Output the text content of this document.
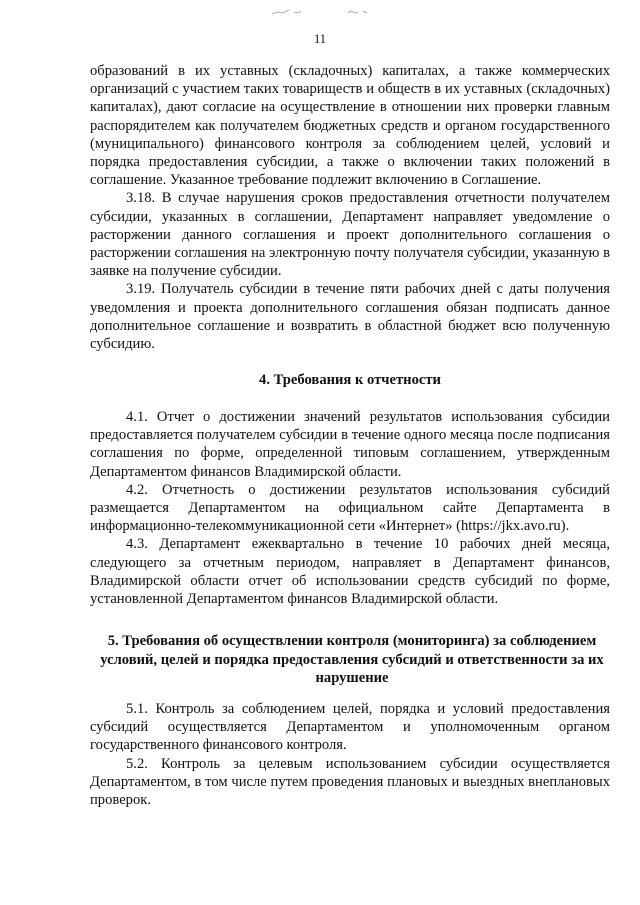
11

образований в их уставных (складочных) капиталах, а также коммерческих организаций с участием таких товариществ и обществ в их уставных (складочных) капиталах), дают согласие на осуществление в отношении них проверки главным распорядителем как получателем бюджетных средств и органом государственного (муниципального) финансового контроля за соблюдением целей, условий и порядка предоставления субсидии, а также о включении таких положений в соглашение. Указанное требование подлежит включению в Соглашение.

3.18. В случае нарушения сроков предоставления отчетности получателем субсидии, указанных в соглашении, Департамент направляет уведомление о расторжении данного соглашения и проект дополнительного соглашения о расторжении соглашения на электронную почту получателя субсидии, указанную в заявке на получение субсидии.

3.19. Получатель субсидии в течение пяти рабочих дней с даты получения уведомления и проекта дополнительного соглашения обязан подписать данное дополнительное соглашение и возвратить в областной бюджет всю полученную субсидию.

4. Требования к отчетности

4.1. Отчет о достижении значений результатов использования субсидии предоставляется получателем субсидии в течение одного месяца после подписания соглашения по форме, определенной типовым соглашением, утвержденным Департаментом финансов Владимирской области.

4.2. Отчетность о достижении результатов использования субсидий размещается Департаментом на официальном сайте Департамента в информационно-телекоммуникационной сети «Интернет» (https://jkx.avo.ru).

4.3. Департамент ежеквартально в течение 10 рабочих дней месяца, следующего за отчетным периодом, направляет в Департамент финансов, Владимирской области отчет об использовании средств субсидий по форме, установленной Департаментом финансов Владимирской области.

5. Требования об осуществлении контроля (мониторинга) за соблюдением условий, целей и порядка предоставления субсидий и ответственности за их нарушение

5.1. Контроль за соблюдением целей, порядка и условий предоставления субсидий осуществляется Департаментом и уполномоченным органом государственного финансового контроля.

5.2. Контроль за целевым использованием субсидии осуществляется Департаментом, в том числе путем проведения плановых и выездных внеплановых проверок.
